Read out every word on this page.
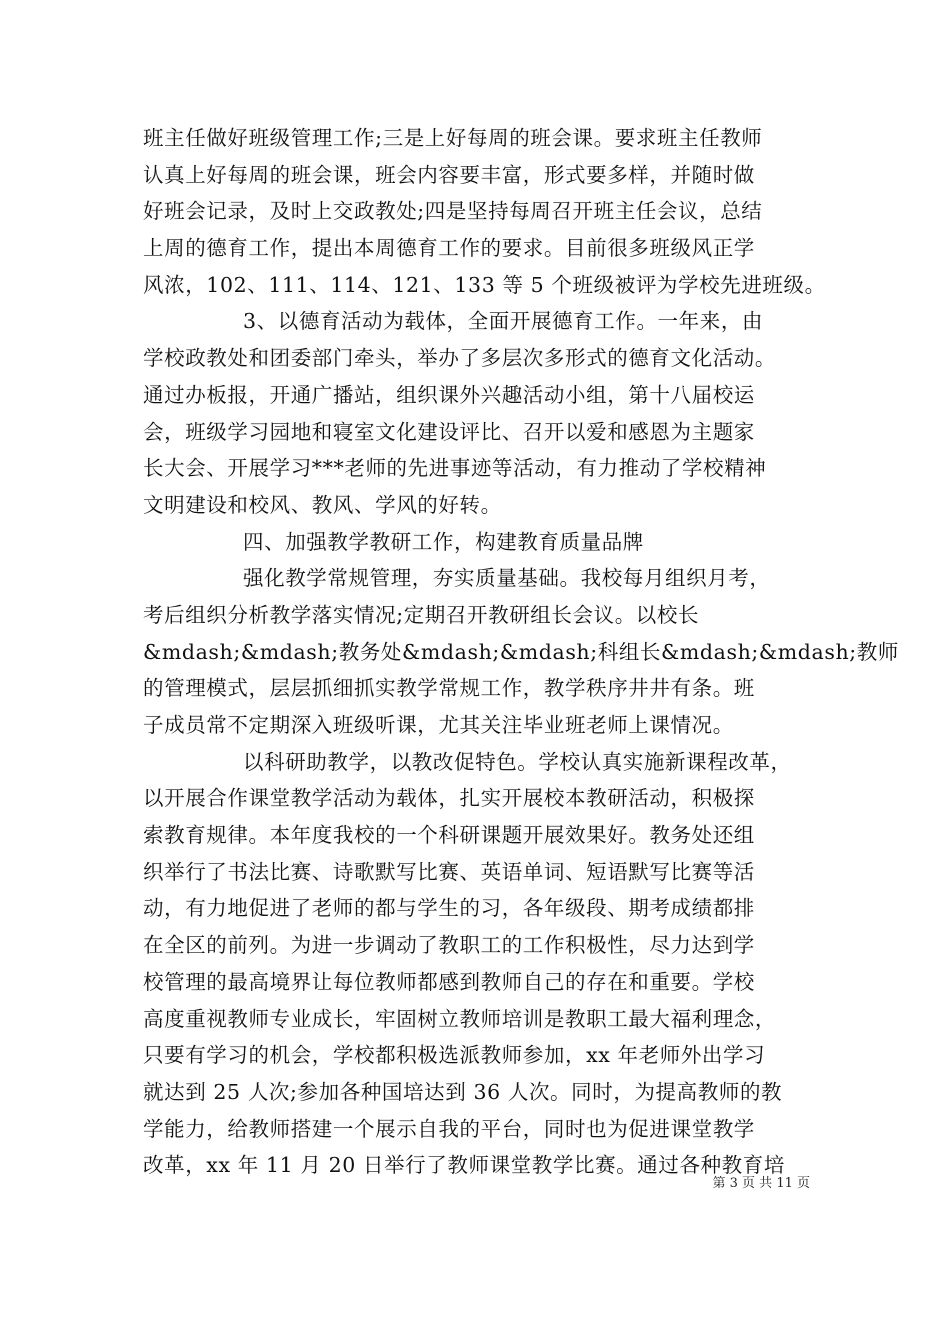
班主任做好班级管理工作;三是上好每周的班会课。要求班主任教师
认真上好每周的班会课，班会内容要丰富，形式要多样，并随时做
好班会记录，及时上交政教处;四是坚持每周召开班主任会议，总结
上周的德育工作，提出本周德育工作的要求。目前很多班级风正学
风浓，102、111、114、121、133 等 5 个班级被评为学校先进班级。
3、以德育活动为载体，全面开展德育工作。一年来，由
学校政教处和团委部门牵头，举办了多层次多形式的德育文化活动。
通过办板报，开通广播站，组织课外兴趣活动小组，第十八届校运
会，班级学习园地和寝室文化建设评比、召开以爱和感恩为主题家
长大会、开展学习***老师的先进事迹等活动，有力推动了学校精神
文明建设和校风、教风、学风的好转。
四、加强教学教研工作，构建教育质量品牌
强化教学常规管理，夯实质量基础。我校每月组织月考，
考后组织分析教学落实情况;定期召开教研组长会议。以校长
&mdash;&mdash;教务处&mdash;&mdash;科组长&mdash;&mdash;教师
的管理模式，层层抓细抓实教学常规工作，教学秩序井井有条。班
子成员常不定期深入班级听课，尤其关注毕业班老师上课情况。
以科研助教学，以教改促特色。学校认真实施新课程改革，
以开展合作课堂教学活动为载体，扎实开展校本教研活动，积极探
索教育规律。本年度我校的一个科研课题开展效果好。教务处还组
织举行了书法比赛、诗歌默写比赛、英语单词、短语默写比赛等活
动，有力地促进了老师的都与学生的习，各年级段、期考成绩都排
在全区的前列。为进一步调动了教职工的工作积极性，尽力达到学
校管理的最高境界让每位教师都感到教师自己的存在和重要。学校
高度重视教师专业成长，牢固树立教师培训是教职工最大福利理念，
只要有学习的机会，学校都积极选派教师参加，xx 年老师外出学习
就达到 25 人次;参加各种国培达到 36 人次。同时，为提高教师的教
学能力，给教师搭建一个展示自我的平台，同时也为促进课堂教学
改革，xx 年 11 月 20 日举行了教师课堂教学比赛。通过各种教育培
第 3 页 共 11 页
